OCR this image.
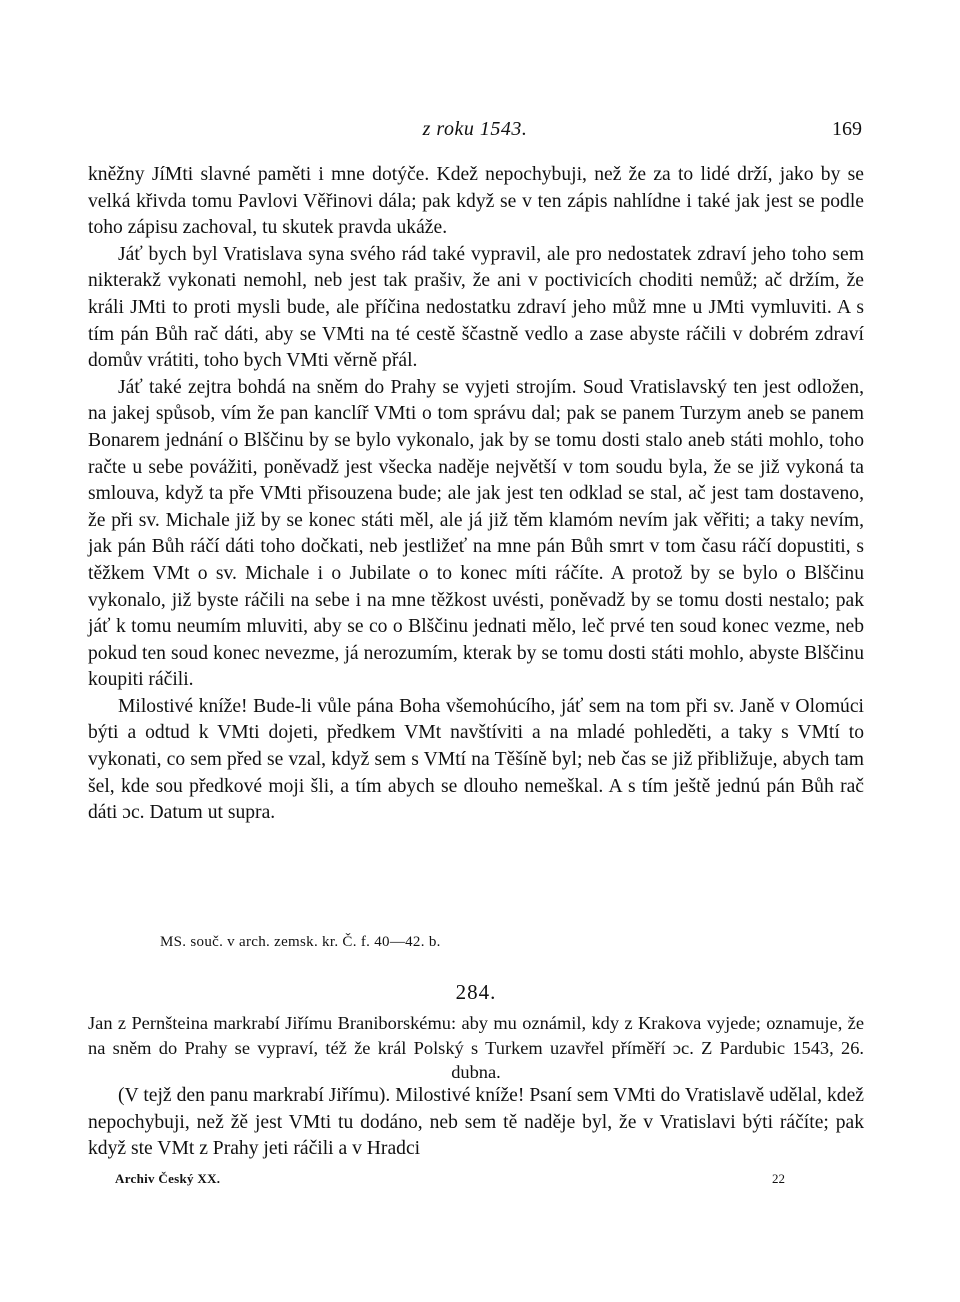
z roku 1543.	169

kněžny JíMti slavné paměti i mne dotýče. Kdež nepochybuji, než že za to lidé drží, jako by se velká křivda tomu Pavlovi Věřinovi dála; pak když se v ten zápis nahlídne i také jak jest se podle toho zápisu zachoval, tu skutek pravda ukáže.

Jáť bych byl Vratislava syna svého rád také vypravil, ale pro nedostatek zdraví jeho toho sem nikterakž vykonati nemohl, neb jest tak prašiv, že ani v poctivicích choditi nemůž; ač držím, že králi JMti to proti mysli bude, ale příčina nedostatku zdraví jeho můž mne u JMti vymluviti. A s tím pán Bůh rač dáti, aby se VMti na té cestě ščastně vedlo a zase abyste ráčili v dobrém zdraví domův vrátiti, toho bych VMti věrně přál.

Jáť také zejtra bohdá na sněm do Prahy se vyjeti strojím. Soud Vratislavský ten jest odložen, na jakej spůsob, vím že pan kanclíř VMti o tom správu dal; pak se panem Turzym aneb se panem Bonarem jednání o Blščinu by se bylo vykonalo, jak by se tomu dosti stalo aneb státi mohlo, toho račte u sebe povážiti, poněvadž jest všecka naděje největší v tom soudu byla, že se již vykoná ta smlouva, když ta pře VMti přisouzena bude; ale jak jest ten odklad se stal, ač jest tam dostaveno, že při sv. Michale již by se konec státi měl, ale já již těm klamóm nevím jak věřiti; a taky nevím, jak pán Bůh ráčí dáti toho dočkati, neb jestližeť na mne pán Bůh smrt v tom času ráčí dopustiti, s těžkem VMt o sv. Michale i o Jubilate o to konec míti ráčíte. A protož by se bylo o Blščinu vykonalo, již byste ráčili na sebe i na mne těžkost uvésti, poněvadž by se tomu dosti nestalo; pak jáť k tomu neumím mluviti, aby se co o Blščinu jednati mělo, leč prvé ten soud konec vezme, neb pokud ten soud konec nevezme, já nerozumím, kterak by se tomu dosti státi mohlo, abyste Blščinu koupiti ráčili.

Milostivé kníže! Bude-li vůle pána Boha všemohúcího, jáť sem na tom při sv. Janě v Olomúci býti a odtud k VMti dojeti, předkem VMt navštíviti a na mladé pohleděti, a taky s VMtí to vykonati, co sem před se vzal, když sem s VMtí na Těšíně byl; neb čas se již přibližuje, abych tam šel, kde sou předkové moji šli, a tím abych se dlouho nemeškal. A s tím ještě jednú pán Bůh rač dáti ɔc. Datum ut supra.

MS. souč. v arch. zemsk. kr. Č. f. 40—42. b.
284.

Jan z Pernšteina markrabí Jiřímu Braniborskému: aby mu oznámil, kdy z Krakova vyjede; oznamuje, že na sněm do Prahy se vypraví, též že král Polský s Turkem uzavřel příměří ɔc. Z Pardubic 1543, 26. dubna.

(V tejž den panu markrabí Jiřímu). Milostivé kníže! Psaní sem VMti do Vratislavě udělal, kdež nepochybuji, než žě jest VMti tu dodáno, neb sem tě naděje byl, že v Vratislavi býti ráčíte; pak když ste VMt z Prahy jeti ráčili a v Hradci

Archiv Český XX.	22
